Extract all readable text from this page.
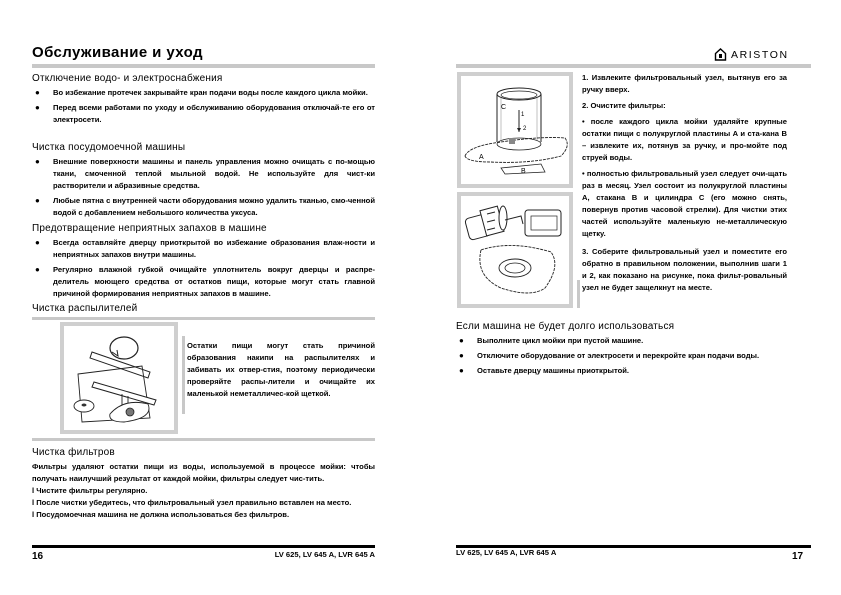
Обслуживание и уход
Отключение водо- и электроснабжения
● Во избежание протечек закрывайте кран подачи воды после каждого цикла мойки.
● Перед всеми работами по уходу и обслуживанию оборудования отключай-те его от электросети.
Чистка посудомоечной машины
● Внешние поверхности машины и панель управления можно очищать с по-мощью ткани, смоченной теплой мыльной водой. Не используйте для чист-ки растворители и абразивные средства.
● Любые пятна с внутренней части оборудования можно удалить тканью, смо-ченной водой с добавлением небольшого количества уксуса.
Предотвращение неприятных запахов в машине
● Всегда оставляйте дверцу приоткрытой во избежание образования влаж-ности и неприятных запахов внутри машины.
● Регулярно влажной губкой очищайте уплотнитель вокруг дверцы и распре-делитель моющего средства от остатков пищи, которые могут стать главной причиной формирования неприятных запахов в машине.
Чистка распылителей
Остатки пищи могут стать причиной образования накипи на распылителях и забивать их отвер-стия, поэтому периодически проверяйте распы-лители и очищайте их маленькой неметалличес-кой щеткой.
Чистка фильтров
Фильтры удаляют остатки пищи из воды, используемой в процессе мойки: чтобы получать наилучший результат от каждой мойки, фильтры следует чис-тить.
l Чистите фильтры регулярно.
l После чистки убедитесь, что фильтровальный узел правильно вставлен на место.
l Посудомоечная машина не должна использоваться без фильтров.
16	LV 625, LV 645 A, LVR 645 A
ARISTON
C
1
2
A
B
1. Извлеките фильтровальный узел, вытянув его за ручку вверх.
2. Очистите фильтры:
• после каждого цикла мойки удаляйте крупные остатки пищи с полукруглой пластины A и ста-кана B – извлеките их, потянув за ручку, и про-мойте под струей воды.
• полностью фильтровальный узел следует очи-щать раз в месяц. Узел состоит из полукруглой пластины A, стакана B и цилиндра C (его можно снять, повернув против часовой стрелки). Для чистки этих частей используйте маленькую не-металлическую щетку.
3. Соберите фильтровальный узел и поместите его обратно в правильном положении, выполнив шаги 1 и 2, как показано на рисунке, пока фильт-ровальный узел не будет защелкнут на месте.
Если машина не будет долго использоваться
● Выполните цикл мойки при пустой машине.
● Отключите оборудование от электросети и перекройте кран подачи воды.
● Оставьте дверцу машины приоткрытой.
LV 625, LV 645 A, LVR 645 A	17
